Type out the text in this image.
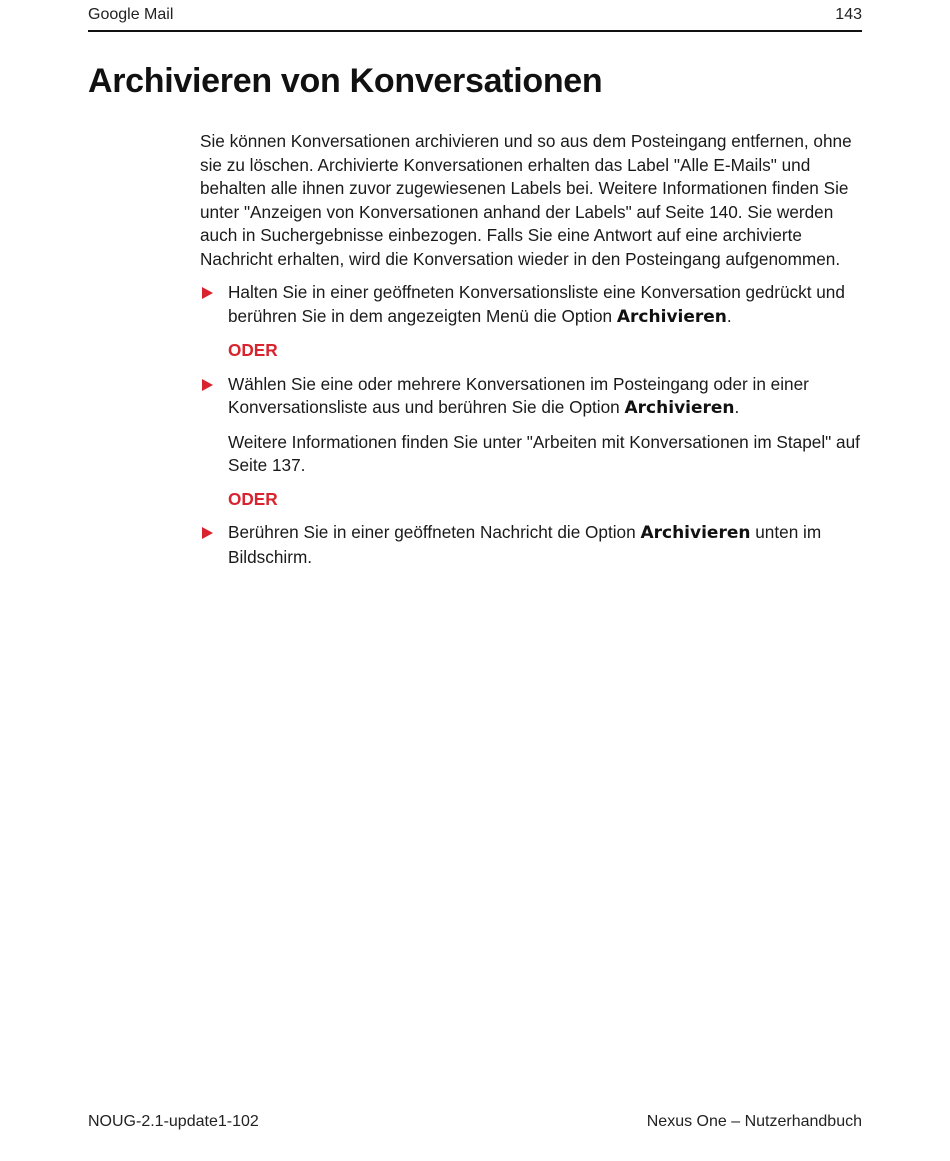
Google Mail	143
Archivieren von Konversationen

Sie können Konversationen archivieren und so aus dem Posteingang entfernen, ohne sie zu löschen. Archivierte Konversationen erhalten das Label "Alle E-Mails" und behalten alle ihnen zuvor zugewiesenen Labels bei. Weitere Informationen finden Sie unter "Anzeigen von Konversationen anhand der Labels" auf Seite 140. Sie werden auch in Suchergebnisse einbezogen. Falls Sie eine Antwort auf eine archivierte Nachricht erhalten, wird die Konversation wieder in den Posteingang aufgenommen.

Halten Sie in einer geöffneten Konversationsliste eine Konversation gedrückt und berühren Sie in dem angezeigten Menü die Option Archivieren.

ODER

Wählen Sie eine oder mehrere Konversationen im Posteingang oder in einer Konversationsliste aus und berühren Sie die Option Archivieren.

Weitere Informationen finden Sie unter "Arbeiten mit Konversationen im Stapel" auf Seite 137.

ODER

Berühren Sie in einer geöffneten Nachricht die Option Archivieren unten im Bildschirm.
NOUG-2.1-update1-102	Nexus One – Nutzerhandbuch
